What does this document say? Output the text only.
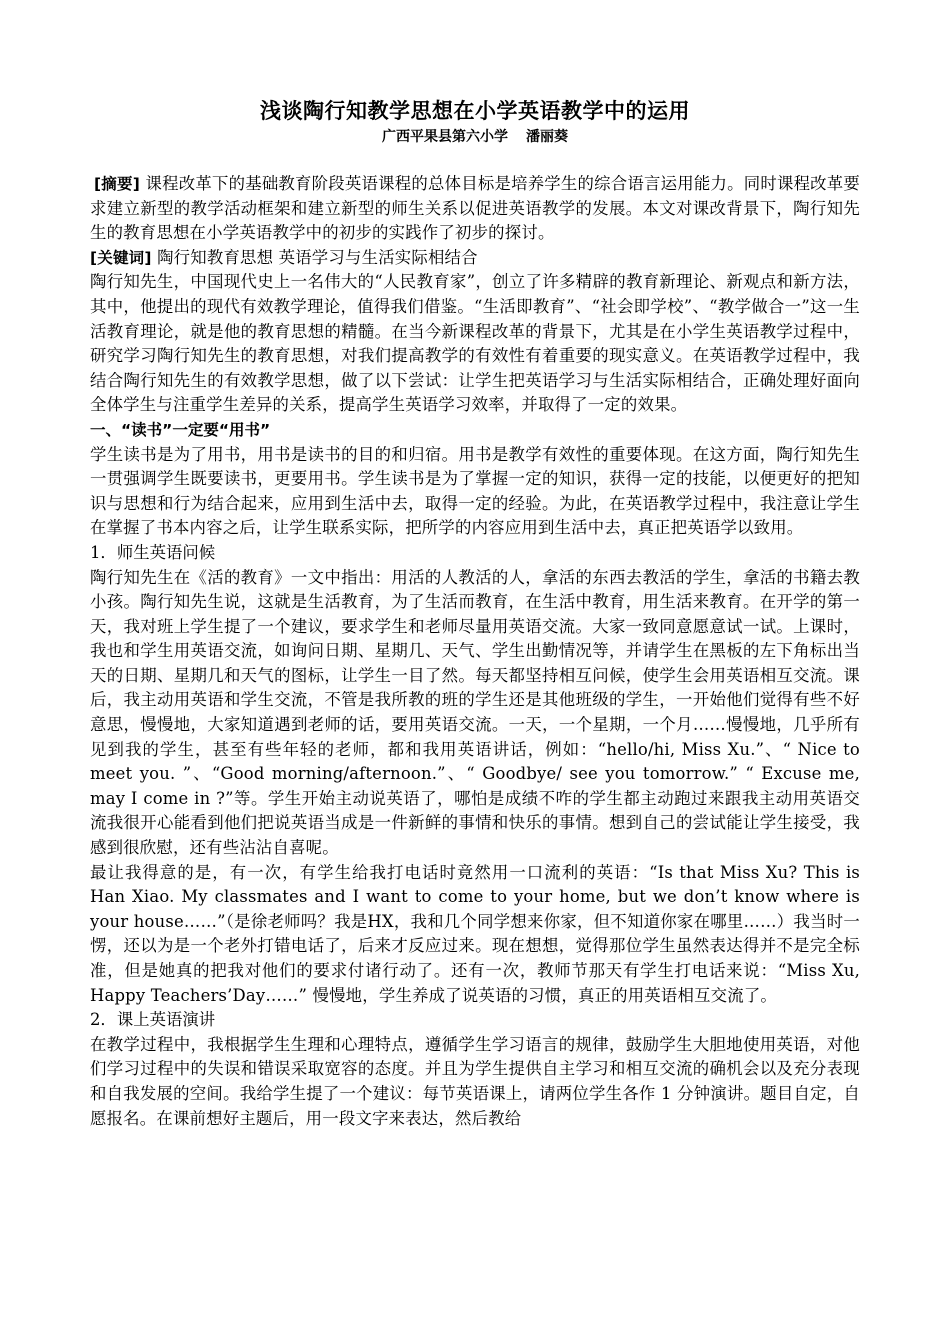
浅谈陶行知教学思想在小学英语教学中的运用
广西平果县第六小学 潘丽葵

[摘要] 课程改革下的基础教育阶段英语课程的总体目标是培养学生的综合语言运用能力。同时课程改革要求建立新型的教学活动框架和建立新型的师生关系以促进英语教学的发展。本文对课改背景下，陶行知先生的教育思想在小学英语教学中的初步的实践作了初步的探讨。

[关键词] 陶行知教育思想 英语学习与生活实际相结合

陶行知先生，中国现代史上一名伟大的“人民教育家”，创立了许多精辟的教育新理论、新观点和新方法，其中，他提出的现代有效教学理论，值得我们借鉴。“生活即教育”、“社会即学校”、“教学做合一”这一生活教育理论，就是他的教育思想的精髓。在当今新课程改革的背景下，尤其是在小学生英语教学过程中，研究学习陶行知先生的教育思想，对我们提高教学的有效性有着重要的现实意义。在英语教学过程中，我结合陶行知先生的有效教学思想，做了以下尝试：让学生把英语学习与生活实际相结合，正确处理好面向全体学生与注重学生差异的关系，提高学生英语学习效率，并取得了一定的效果。

一、“读书”一定要“用书”

学生读书是为了用书，用书是读书的目的和归宿。用书是教学有效性的重要体现。在这方面，陶行知先生一贯强调学生既要读书，更要用书。学生读书是为了掌握一定的知识，获得一定的技能，以便更好的把知识与思想和行为结合起来，应用到生活中去，取得一定的经验。为此，在英语教学过程中，我注意让学生在掌握了书本内容之后，让学生联系实际，把所学的内容应用到生活中去，真正把英语学以致用。

1．师生英语问候

陶行知先生在《活的教育》一文中指出：用活的人教活的人，拿活的东西去教活的学生，拿活的书籍去教小孩。陶行知先生说，这就是生活教育，为了生活而教育，在生活中教育，用生活来教育。在开学的第一天，我对班上学生提了一个建议，要求学生和老师尽量用英语交流。大家一致同意愿意试一试。上课时，我也和学生用英语交流，如询问日期、星期几、天气、学生出勤情况等，并请学生在黑板的左下角标出当天的日期、星期几和天气的图标，让学生一目了然。每天都坚持相互问候，使学生会用英语相互交流。课后，我主动用英语和学生交流，不管是我所教的班的学生还是其他班级的学生，一开始他们觉得有些不好意思，慢慢地，大家知道遇到老师的话，要用英语交流。一天，一个星期，一个月……慢慢地，几乎所有见到我的学生，甚至有些年轻的老师，都和我用英语讲话，例如：“hello/hi, Miss Xu.”、“ Nice to meet you. ”、“Good morning/afternoon.”、“ Goodbye/ see you tomorrow.” “ Excuse me, may I come in ?”等。学生开始主动说英语了，哪怕是成绩不咋的学生都主动跑过来跟我主动用英语交流我很开心能看到他们把说英语当成是一件新鲜的事情和快乐的事情。想到自己的尝试能让学生接受，我感到很欣慰，还有些沾沾自喜呢。

最让我得意的是，有一次，有学生给我打电话时竟然用一口流利的英语：“Is that Miss Xu? This is Han Xiao. My classmates and I want to come to your home, but we don’t know where is your house……”（是徐老师吗？我是HX，我和几个同学想来你家，但不知道你家在哪里……）我当时一愣，还以为是一个老外打错电话了，后来才反应过来。现在想想，觉得那位学生虽然表达得并不是完全标准，但是她真的把我对他们的要求付诸行动了。还有一次，教师节那天有学生打电话来说：“Miss Xu, Happy Teachers’Day……” 慢慢地，学生养成了说英语的习惯，真正的用英语相互交流了。

2．课上英语演讲

在教学过程中，我根据学生生理和心理特点，遵循学生学习语言的规律，鼓励学生大胆地使用英语，对他们学习过程中的失误和错误采取宽容的态度。并且为学生提供自主学习和相互交流的确机会以及充分表现和自我发展的空间。我给学生提了一个建议：每节英语课上，请两位学生各作 1 分钟演讲。题目自定，自愿报名。在课前想好主题后，用一段文字来表达，然后教给
